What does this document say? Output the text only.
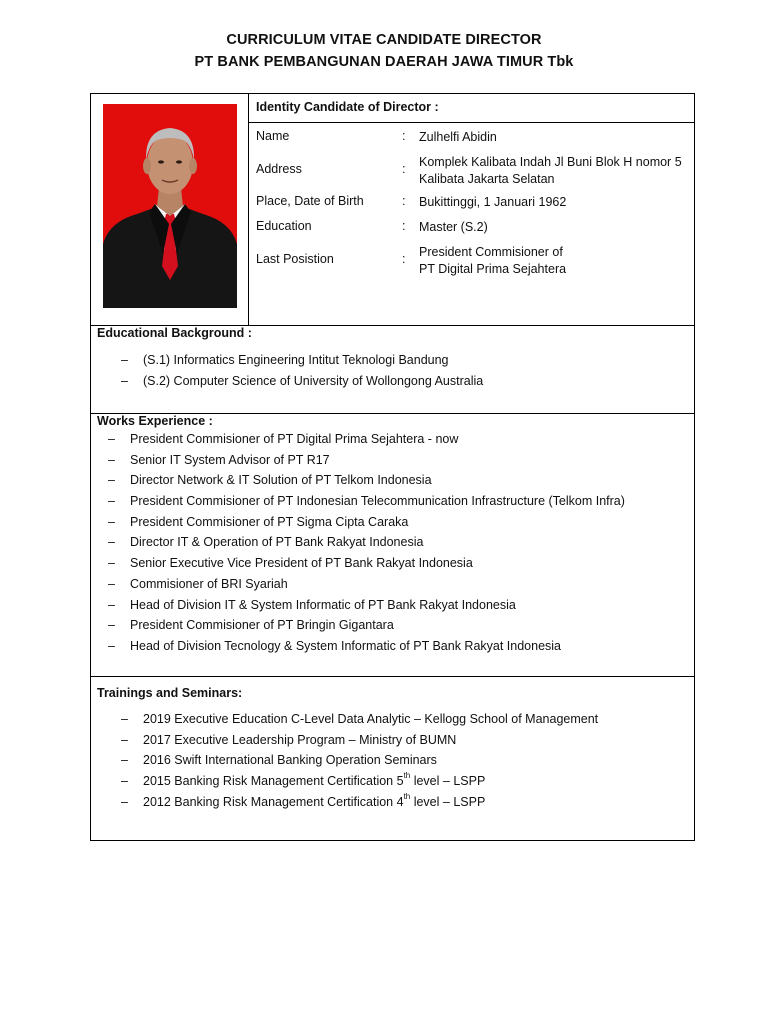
CURRICULUM VITAE CANDIDATE DIRECTOR
PT BANK PEMBANGUNAN DAERAH JAWA TIMUR Tbk
Identity Candidate of Director :
Name	: Zulhelfi Abidin
Address	: Komplek Kalibata Indah Jl Buni Blok H nomor 5
Kalibata Jakarta Selatan
Place, Date of Birth	: Bukittinggi, 1 Januari 1962
Education	: Master (S.2)
Last Posistion	: President Commisioner of
PT Digital Prima Sejahtera
Educational Background :
– (S.1) Informatics Engineering Intitut Teknologi Bandung
– (S.2) Computer Science of University of Wollongong Australia
Works Experience :
– President Commisioner of PT Digital Prima Sejahtera - now
– Senior IT System Advisor of PT R17
– Director Network & IT Solution of PT Telkom Indonesia
– President Commisioner of PT Indonesian Telecommunication Infrastructure (Telkom Infra)
– President Commisioner of PT Sigma Cipta Caraka
– Director IT & Operation of PT Bank Rakyat Indonesia
– Senior Executive Vice President of PT Bank Rakyat Indonesia
– Commisioner of BRI Syariah
– Head of Division IT & System Informatic of PT Bank Rakyat Indonesia
– President Commisioner of PT Bringin Gigantara
– Head of Division Tecnology & System Informatic of PT Bank Rakyat Indonesia
Trainings and Seminars:
– 2019 Executive Education C-Level Data Analytic – Kellogg School of Management
– 2017 Executive Leadership Program – Ministry of BUMN
– 2016 Swift International Banking Operation Seminars
– 2015 Banking Risk Management Certification 5th level – LSPP
– 2012 Banking Risk Management Certification 4th level – LSPP
